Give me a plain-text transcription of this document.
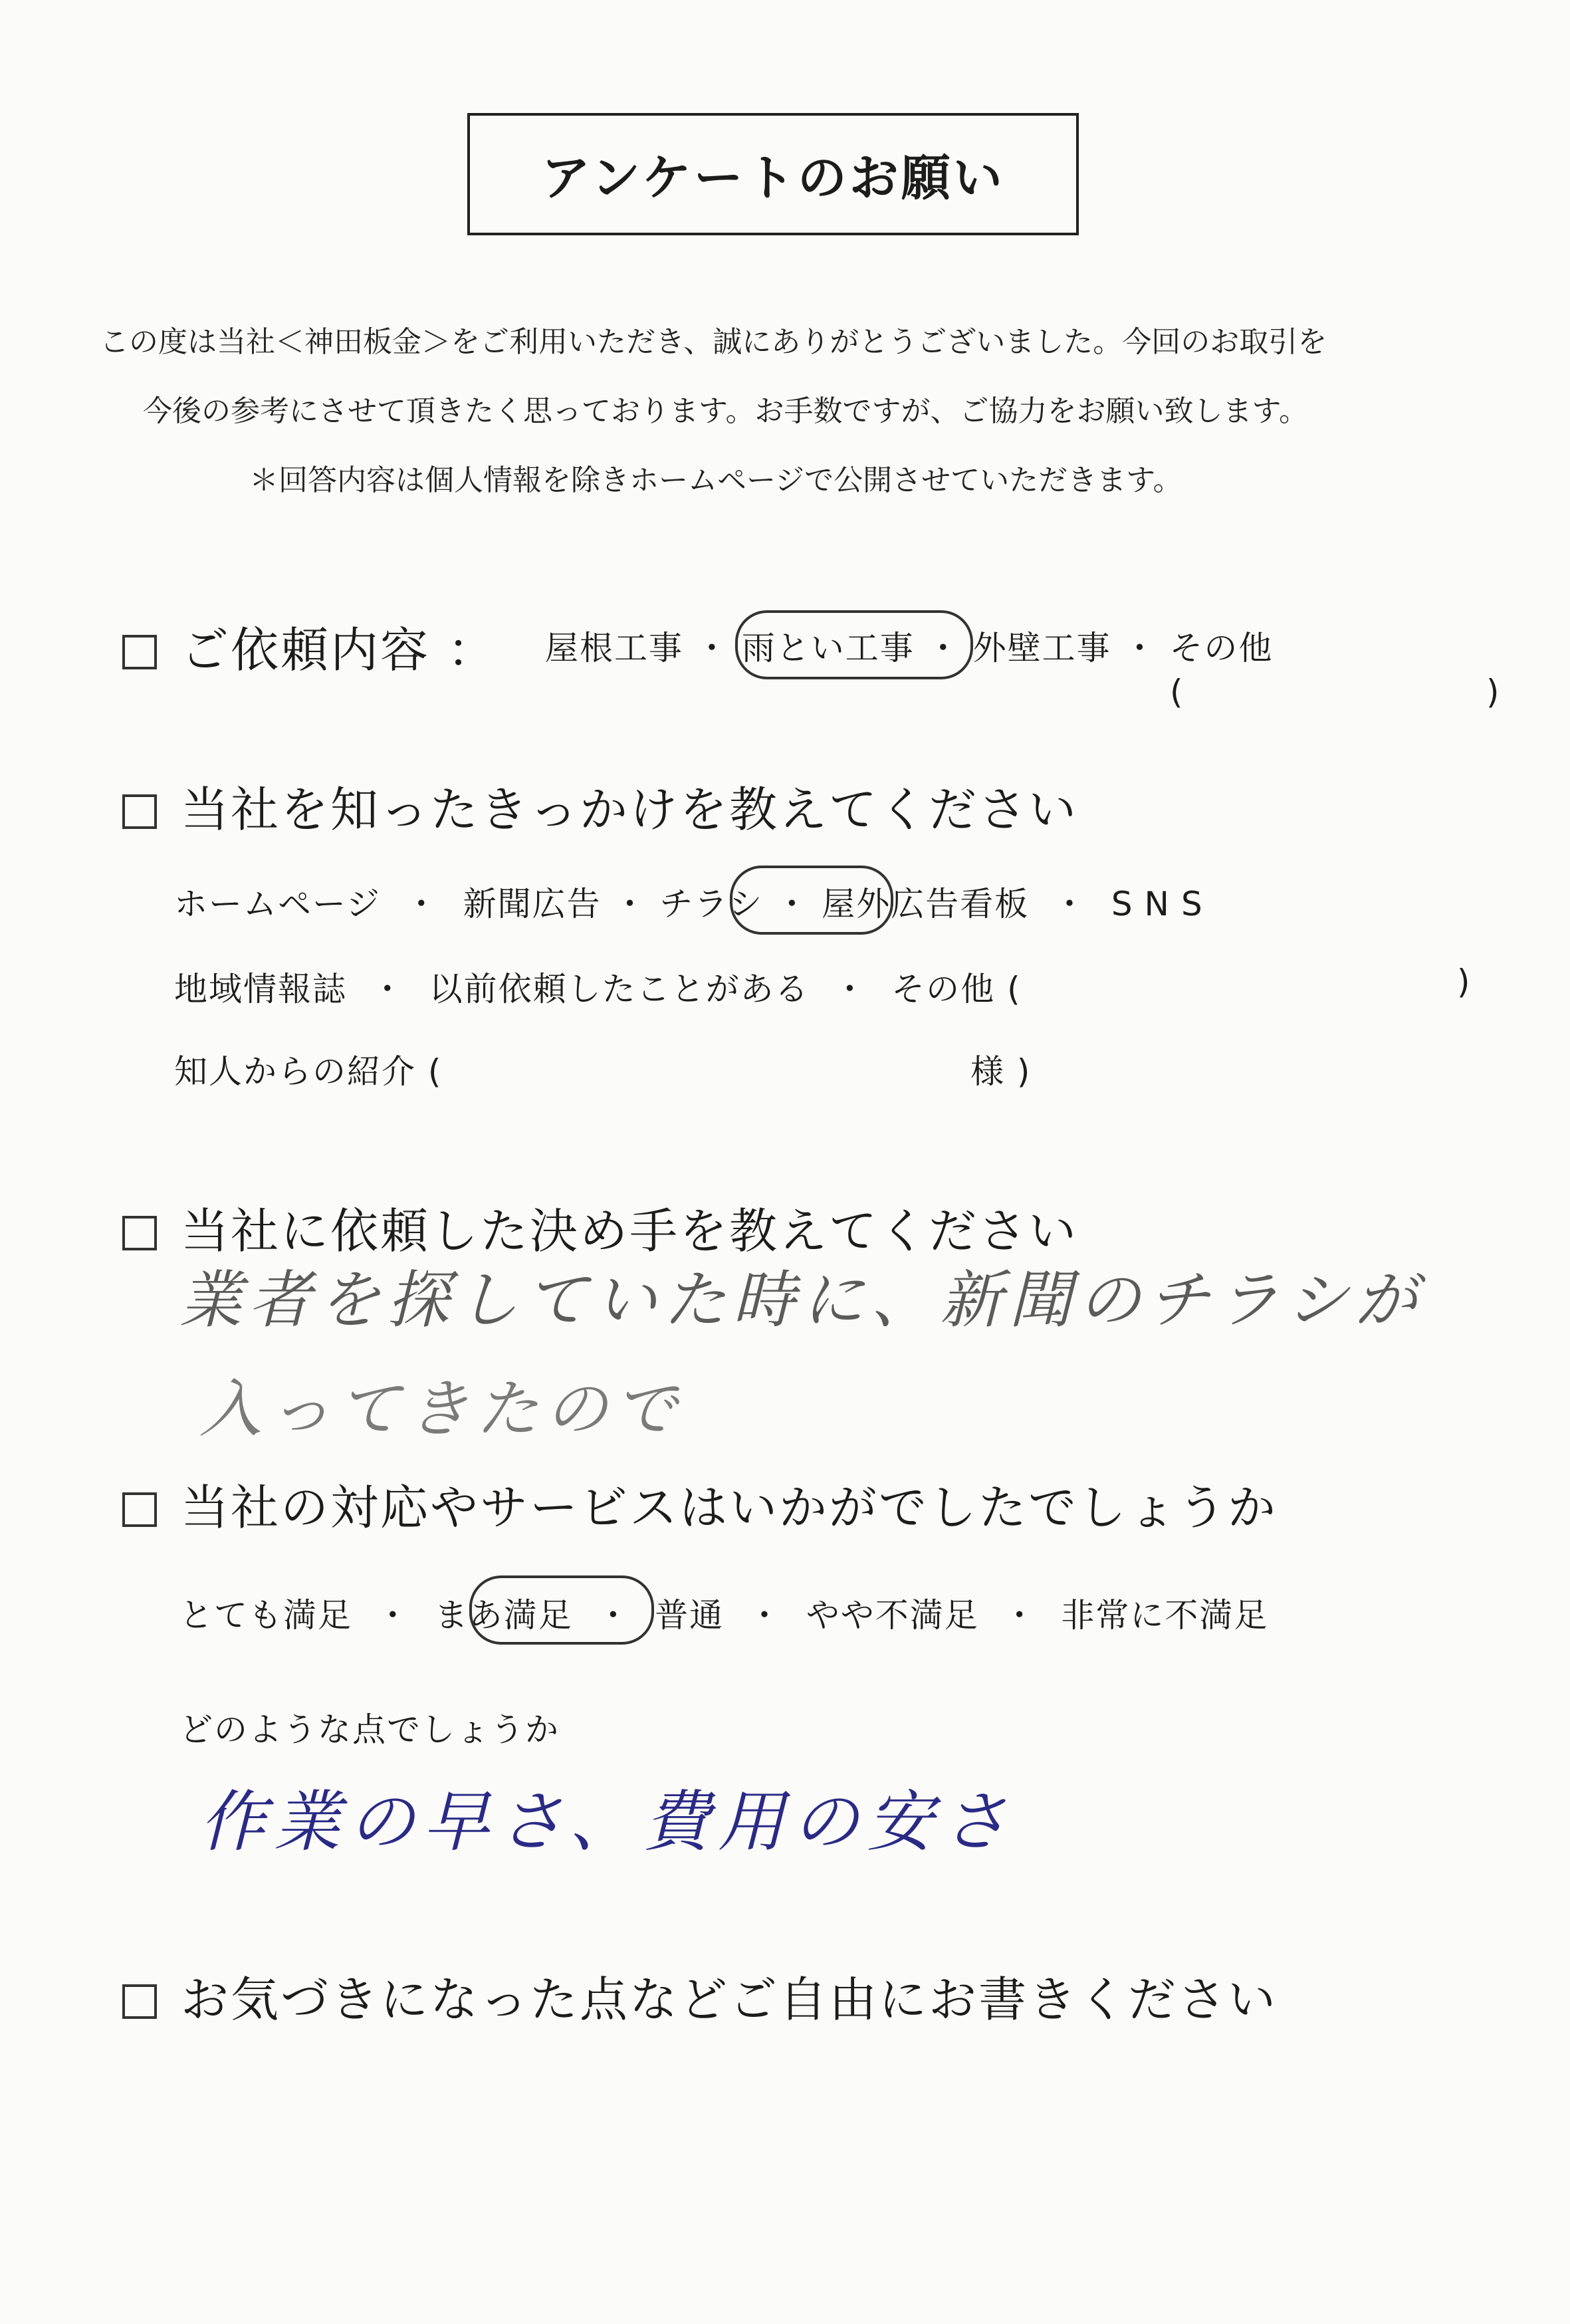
アンケートのお願い
この度は当社＜神田板金＞をご利用いただき、誠にありがとうございました。今回のお取引を
今後の参考にさせて頂きたく思っております。お手数ですが、ご協力をお願い致します。
＊回答内容は個人情報を除きホームページで公開させていただきます。
ご依頼内容 ： 屋根工事 ・ 雨とい工事 ・ 外壁工事 ・ その他
(	)
当社を知ったきっかけを教えてください
ホームページ ・ 新聞広告 ・ チラシ ・ 屋外広告看板 ・ SNS
地域情報誌 ・ 以前依頼したことがある ・ その他 (	)
知人からの紹介 (	様 )
当社に依頼した決め手を教えてください
業者を探していた時に、新聞のチラシが
入ってきたので
当社の対応やサービスはいかがでしたでしょうか
とても満足 ・ まあ満足 ・ 普通 ・ やや不満足 ・ 非常に不満足
どのような点でしょうか
作業の早さ、費用の安さ
お気づきになった点などご自由にお書きください
